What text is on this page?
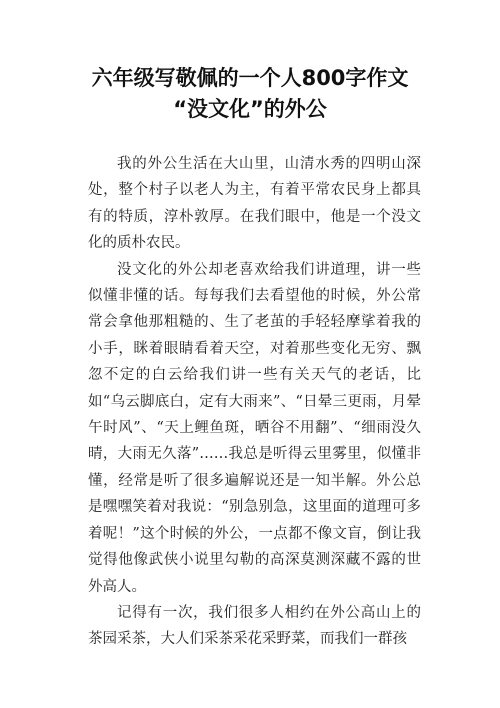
六年级写敬佩的一个人800字作文
“没文化”的外公

我的外公生活在大山里，山清水秀的四明山深处，整个村子以老人为主，有着平常农民身上都具有的特质，淳朴敦厚。在我们眼中，他是一个没文化的质朴农民。

没文化的外公却老喜欢给我们讲道理，讲一些似懂非懂的话。每每我们去看望他的时候，外公常常会拿他那粗糙的、生了老茧的手轻轻摩挲着我的小手，眯着眼睛看着天空，对着那些变化无穷、飘忽不定的白云给我们讲一些有关天气的老话，比如“乌云脚底白，定有大雨来”、“日晕三更雨，月晕午时风”、“天上鲤鱼斑，晒谷不用翻”、“细雨没久晴，大雨无久落”……我总是听得云里雾里，似懂非懂，经常是听了很多遍解说还是一知半解。外公总是嘿嘿笑着对我说：“别急别急，这里面的道理可多着呢！”这个时候的外公，一点都不像文盲，倒让我觉得他像武侠小说里勾勒的高深莫测深藏不露的世外高人。

记得有一次，我们很多人相约在外公高山上的茶园采茶，大人们采茶采花采野菜，而我们一群孩
